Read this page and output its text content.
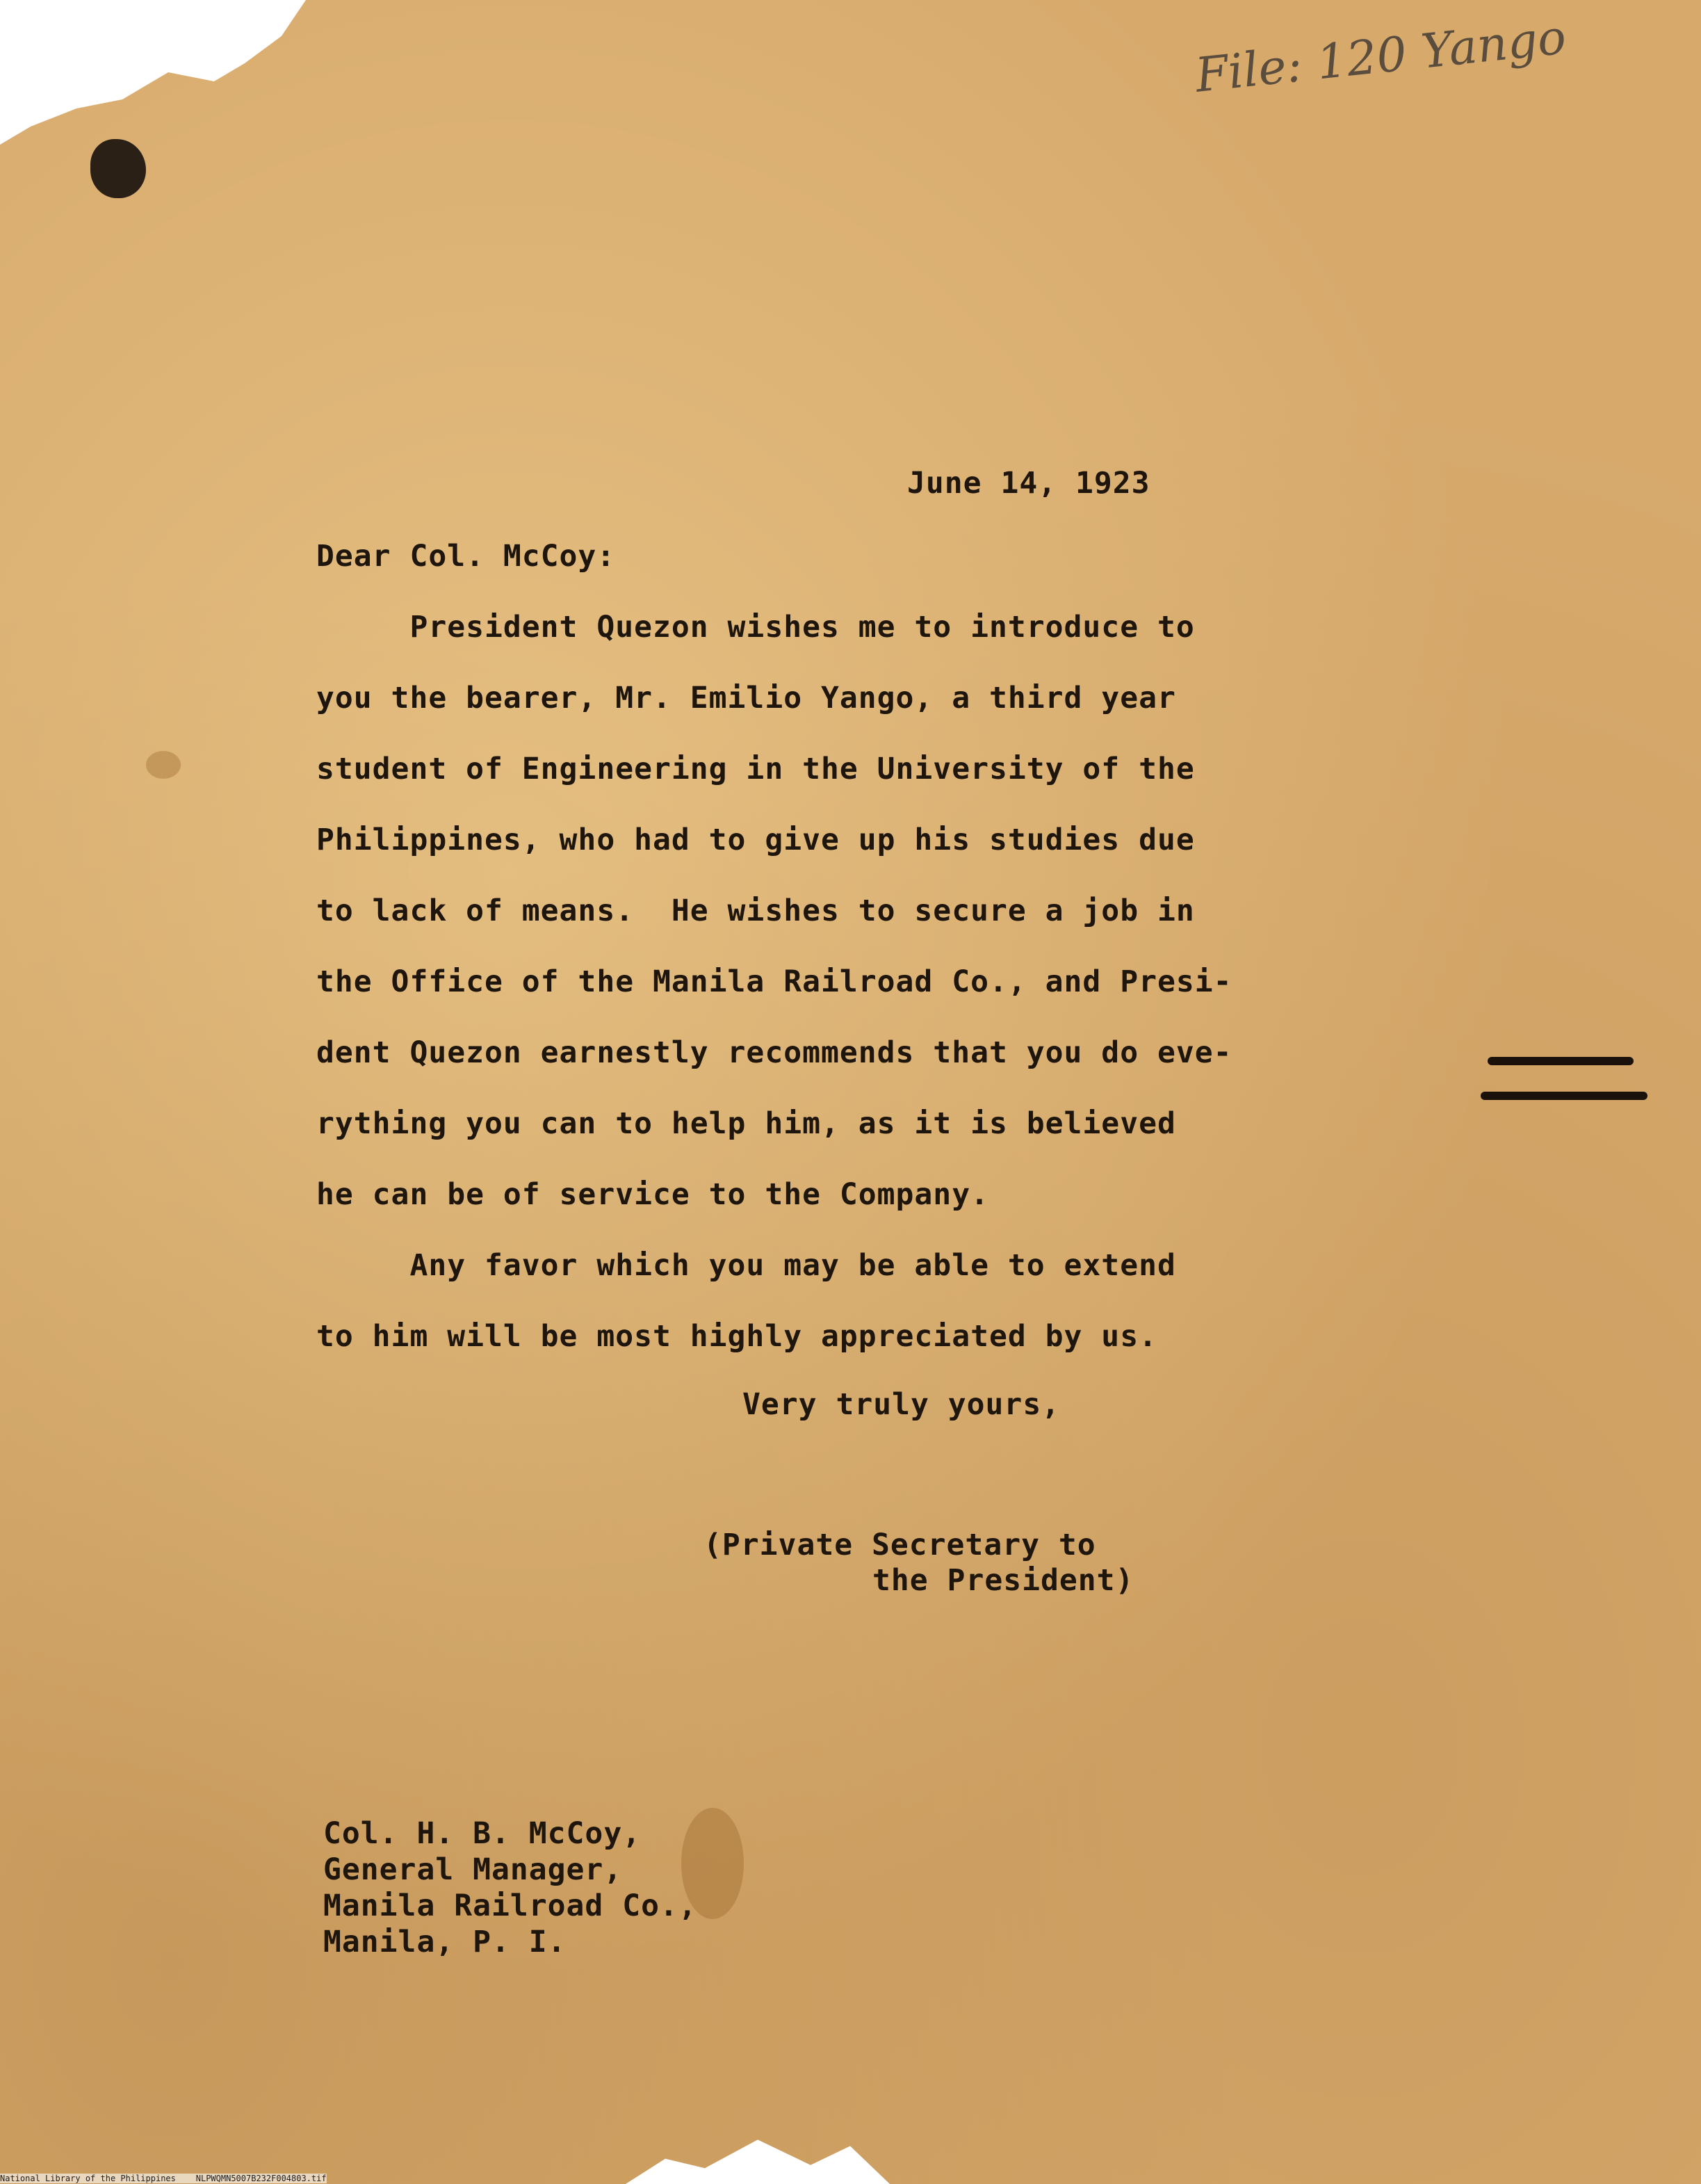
File: 120 Yango
June 14, 1923
Dear Col. McCoy:
President Quezon wishes me to introduce to
you the bearer, Mr. Emilio Yango, a third year
student of Engineering in the University of the
Philippines, who had to give up his studies due
to lack of means.  He wishes to secure a job in
the Office of the Manila Railroad Co., and Presi-
dent Quezon earnestly recommends that you do eve-
rything you can to help him, as it is believed
he can be of service to the Company.
Any favor which you may be able to extend
to him will be most highly appreciated by us.
Very truly yours,
(Private Secretary to
the President)
Col. H. B. McCoy,
General Manager,
Manila Railroad Co.,
Manila, P. I.
National Library of the Philippines    NLPWQMN5007B232F004803.tif
